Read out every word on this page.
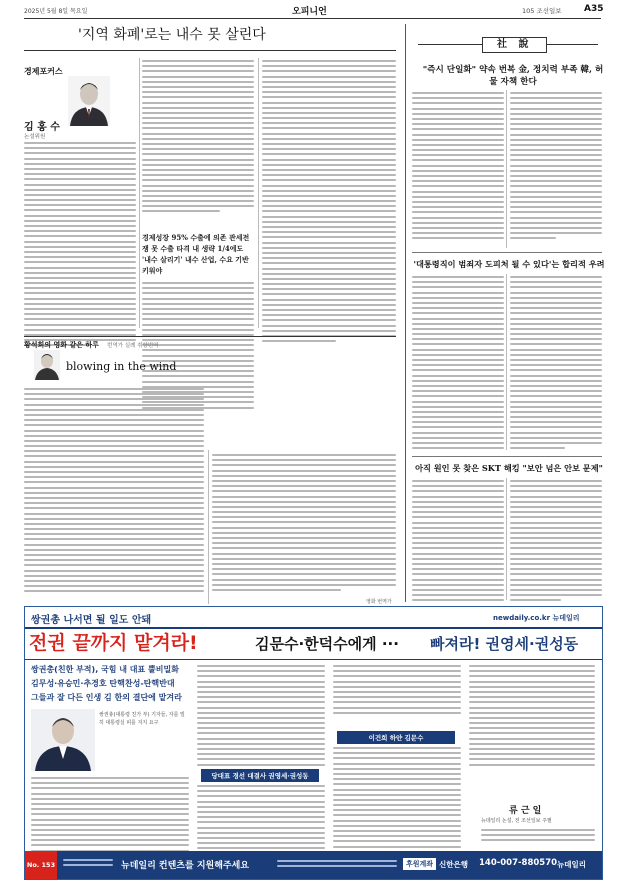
2025년 5월 8일 목요일	오피니언	105 조선일보 A35
'지역 화폐'로는 내수 못 살린다
경제포커스
김 홍 수
논설위원
경제성장 95% 수출에 의존 관세전쟁 못 수출 타격 내 생략 1/4에도 '내수 살리기' 내수 산업, 수요 기반 키워야
황석희의 영화 같은 하루 번역가 실례 취향번역
blowing in the wind
영화 번역가
社 說
"즉시 단일화" 약속 번복 金, 정치력 부족 韓, 허물 자책 한다
'대통령직이 범죄자 도피처 될 수 있다'는 합리적 우려
아직 원인 못 찾은 SKT 해킹 "보안 넘은 안보 문제"
쌍권총 나서면 될 일도 안돼	newdaily.co.kr 뉴데일리
전권 끝까지 맡겨라!	김문수·한덕수에게 ··· 빠져라! 권영세·권성동
쌍권총(친한 부적), 국힘 내 대표 뿔비밀화
김무성·유승민·추경호 탄핵찬성-탄핵반대
그들과 잘 다든 인생 김 한의 결단에 맡겨라
쌍권총(대통령 친가 부) 기자들, 자를 빌히 대통령실 피를 지지 요구
당대표 경선 대결사 권영세·권성동
이건희 하얀 김문수
류 근 일
뉴데일리 논설, 전 조선일보 주필
No. 153	뉴데일리 컨텐츠를 지원해주세요	후원계좌 신한은행 140-007-880570 뉴데일리
